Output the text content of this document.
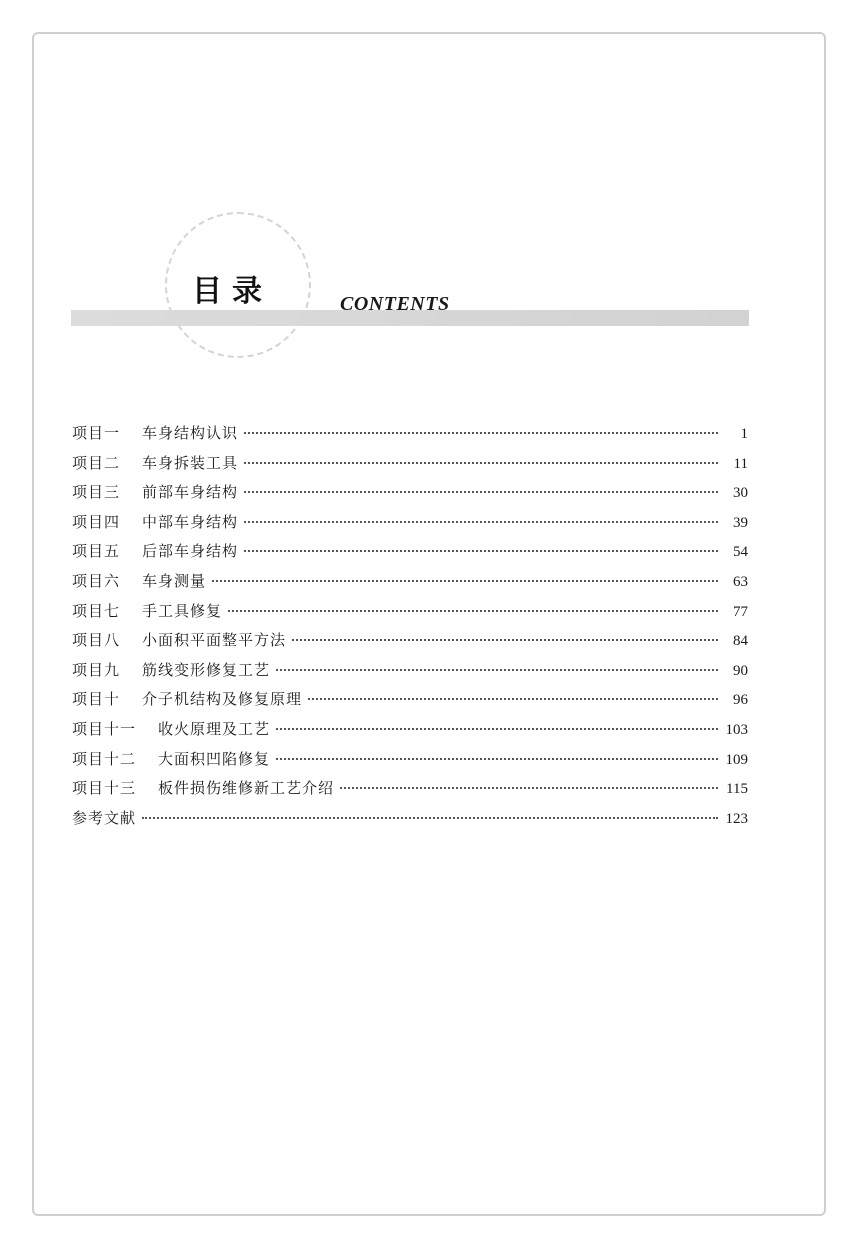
目录	CONTENTS
项目一	车身结构认识	1
项目二	车身拆装工具	11
项目三	前部车身结构	30
项目四	中部车身结构	39
项目五	后部车身结构	54
项目六	车身测量	63
项目七	手工具修复	77
项目八	小面积平面整平方法	84
项目九	筋线变形修复工艺	90
项目十	介子机结构及修复原理	96
项目十一	收火原理及工艺	103
项目十二	大面积凹陷修复	109
项目十三	板件损伤维修新工艺介绍	115
参考文献	123
